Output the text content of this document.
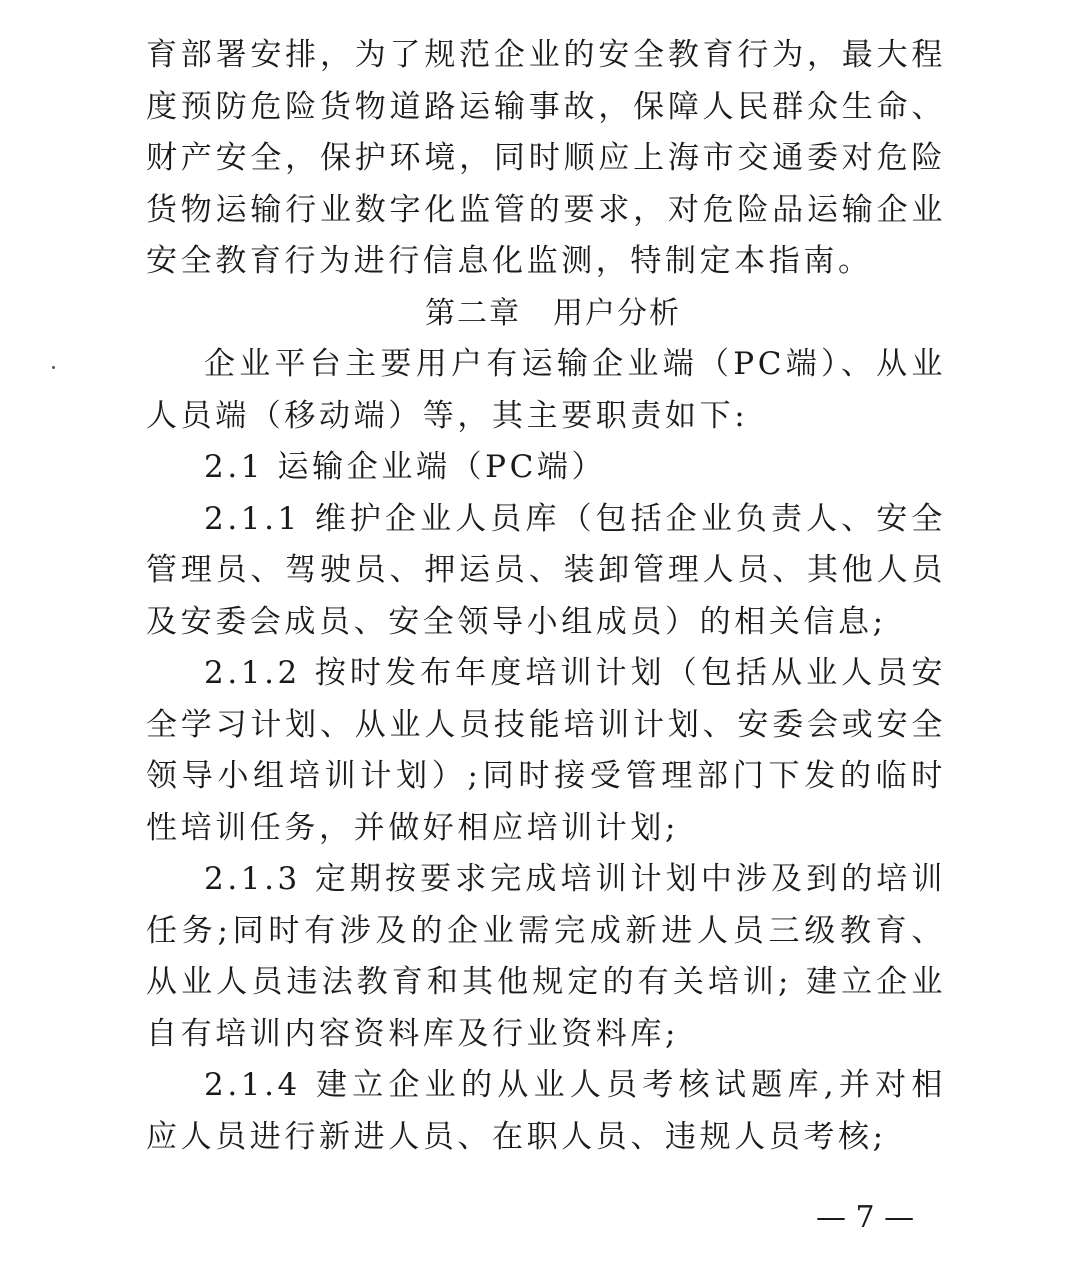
育部署安排，为了规范企业的安全教育行为，最大程度预防危险货物道路运输事故，保障人民群众生命、财产安全，保护环境，同时顺应上海市交通委对危险货物运输行业数字化监管的要求，对危险品运输企业安全教育行为进行信息化监测，特制定本指南。

第二章　用户分析

企业平台主要用户有运输企业端（PC端）、从业人员端（移动端）等，其主要职责如下:

2.1 运输企业端（PC端）

2.1.1 维护企业人员库（包括企业负责人、安全管理员、驾驶员、押运员、装卸管理人员、其他人员及安委会成员、安全领导小组成员）的相关信息;

2.1.2 按时发布年度培训计划（包括从业人员安全学习计划、从业人员技能培训计划、安委会或安全领导小组培训计划）;同时接受管理部门下发的临时性培训任务，并做好相应培训计划;

2.1.3 定期按要求完成培训计划中涉及到的培训任务;同时有涉及的企业需完成新进人员三级教育、从业人员违法教育和其他规定的有关培训; 建立企业自有培训内容资料库及行业资料库;

2.1.4 建立企业的从业人员考核试题库,并对相应人员进行新进人员、在职人员、违规人员考核;

— 7 —
